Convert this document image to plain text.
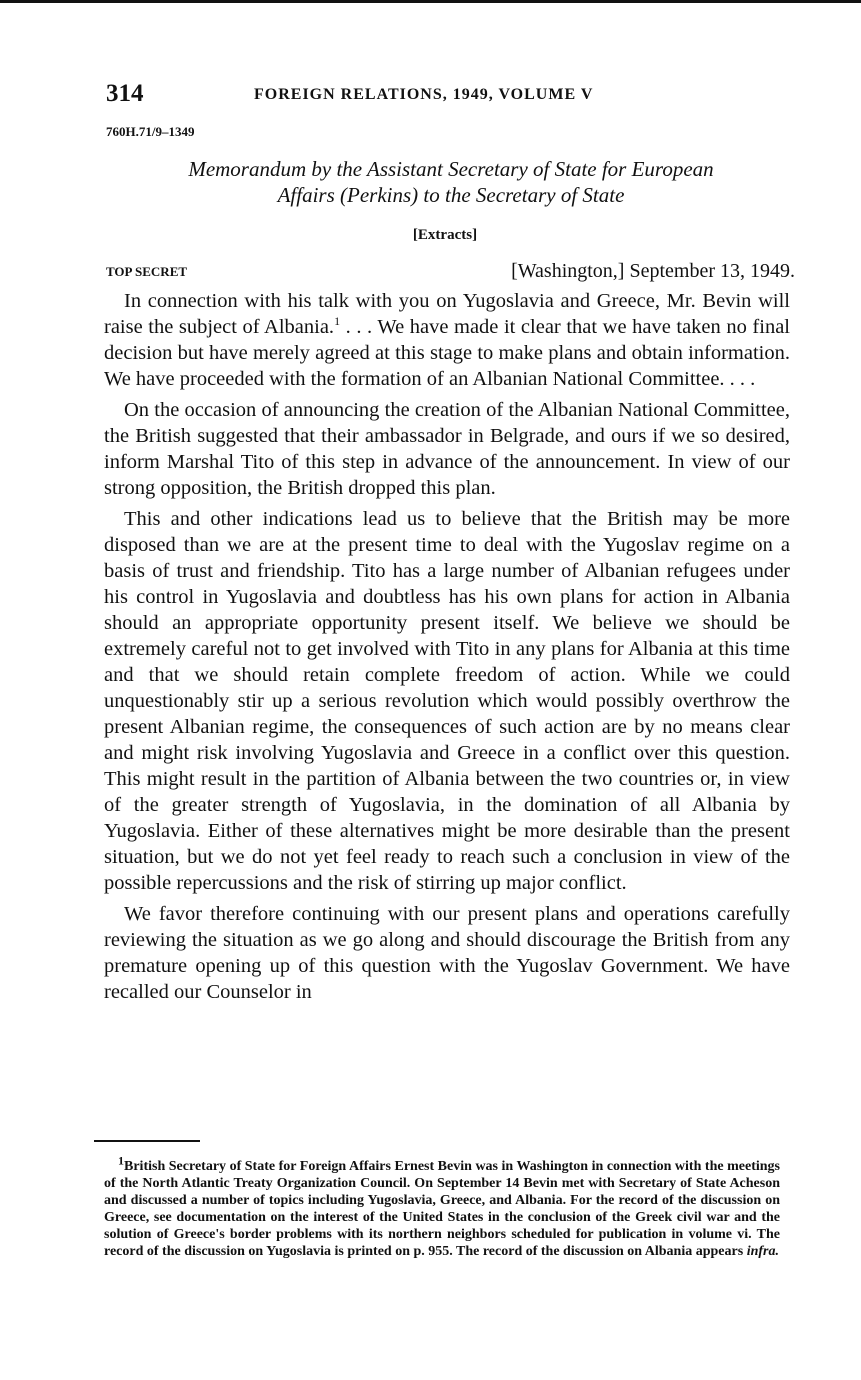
314	FOREIGN RELATIONS, 1949, VOLUME V
760H.71/9–1349
Memorandum by the Assistant Secretary of State for European
Affairs (Perkins) to the Secretary of State
[Extracts]
TOP SECRET	[Washington,] September 13, 1949.

In connection with his talk with you on Yugoslavia and Greece, Mr. Bevin will raise the subject of Albania.$^1$ . . . We have made it clear that we have taken no final decision but have merely agreed at this stage to make plans and obtain information. We have proceeded with the formation of an Albanian National Committee. . . .

On the occasion of announcing the creation of the Albanian National Committee, the British suggested that their ambassador in Belgrade, and ours if we so desired, inform Marshal Tito of this step in advance of the announcement. In view of our strong opposition, the British dropped this plan.

This and other indications lead us to believe that the British may be more disposed than we are at the present time to deal with the Yugoslav regime on a basis of trust and friendship. Tito has a large number of Albanian refugees under his control in Yugoslavia and doubtless has his own plans for action in Albania should an appropriate opportunity present itself. We believe we should be extremely careful not to get involved with Tito in any plans for Albania at this time and that we should retain complete freedom of action. While we could unquestionably stir up a serious revolution which would possibly overthrow the present Albanian regime, the consequences of such action are by no means clear and might risk involving Yugoslavia and Greece in a conflict over this question. This might result in the partition of Albania between the two countries or, in view of the greater strength of Yugoslavia, in the domination of all Albania by Yugoslavia. Either of these alternatives might be more desirable than the present situation, but we do not yet feel ready to reach such a conclusion in view of the possible repercussions and the risk of stirring up major conflict.

We favor therefore continuing with our present plans and operations carefully reviewing the situation as we go along and should discourage the British from any premature opening up of this question with the Yugoslav Government. We have recalled our Counselor in

$^1$British Secretary of State for Foreign Affairs Ernest Bevin was in Washington in connection with the meetings of the North Atlantic Treaty Organization Council. On September 14 Bevin met with Secretary of State Acheson and discussed a number of topics including Yugoslavia, Greece, and Albania. For the record of the discussion on Greece, see documentation on the interest of the United States in the conclusion of the Greek civil war and the solution of Greece's border problems with its northern neighbors scheduled for publication in volume vi. The record of the discussion on Yugoslavia is printed on p. 955. The record of the discussion on Albania appears infra.
